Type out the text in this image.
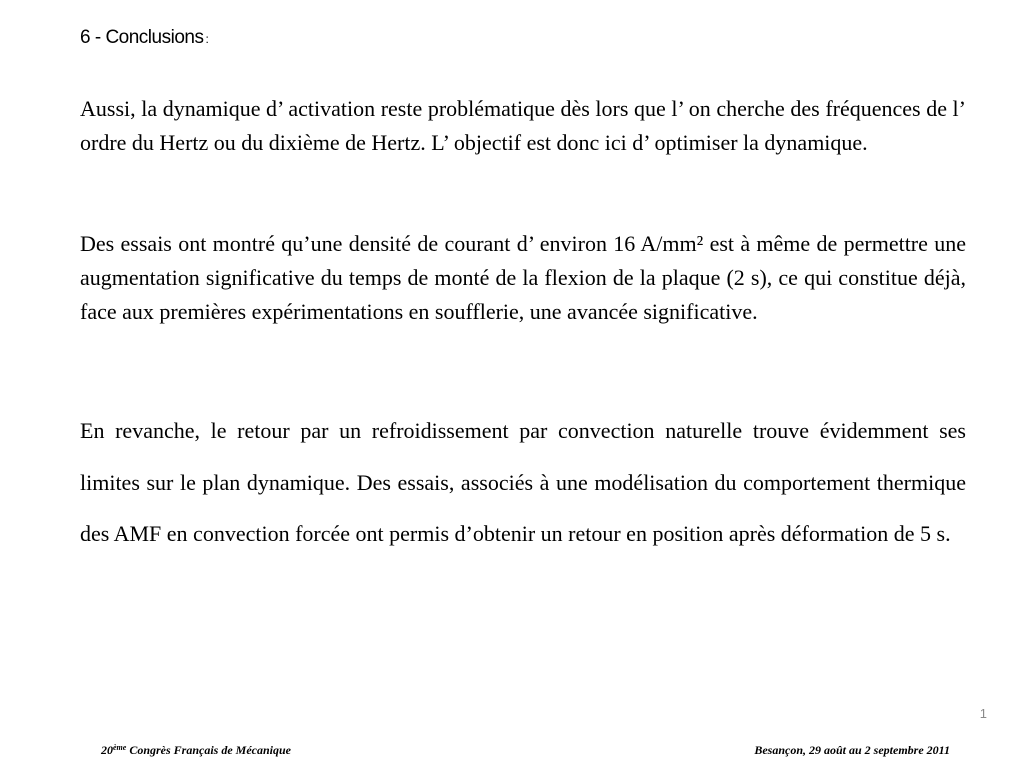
6 - Conclusions :

Aussi, la dynamique d’ activation reste problématique dès lors que l’ on cherche des fréquences de l’ ordre du Hertz ou du dixième de Hertz. L’ objectif est donc ici d’ optimiser la dynamique.

Des essais ont montré qu’une densité de courant d’ environ 16 A/mm² est à même de permettre une augmentation significative du temps de monté de la flexion de la plaque (2 s), ce qui constitue déjà, face aux premières expérimentations en soufflerie, une avancée significative.

En revanche, le retour par un refroidissement par convection naturelle trouve évidemment ses limites sur le plan dynamique. Des essais, associés à une modélisation du comportement thermique des AMF en convection forcée ont permis d’obtenir un retour en position après déformation de 5 s.

1
20ème Congrès Français de Mécanique	Besançon, 29 août au 2 septembre 2011
